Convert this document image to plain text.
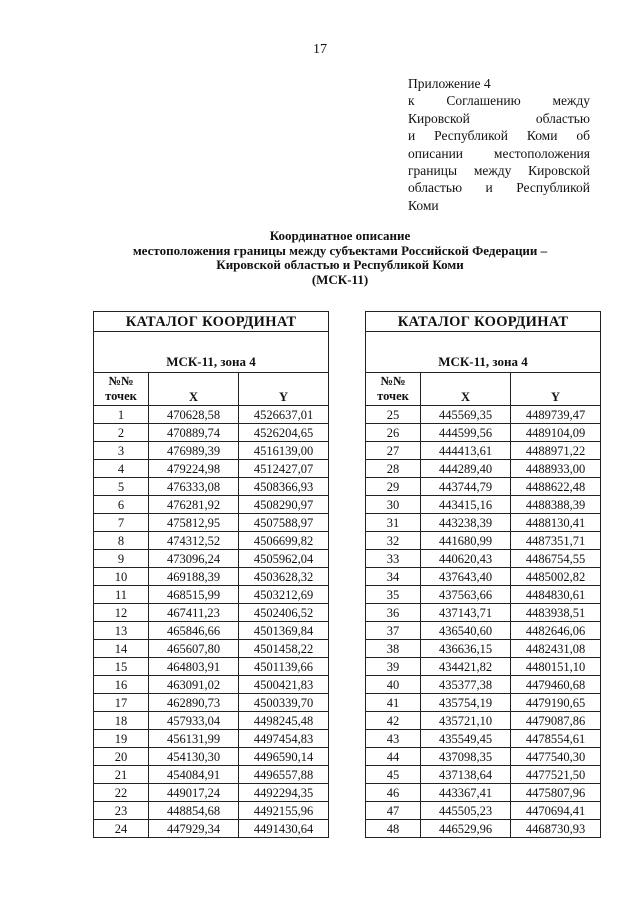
17
Приложение 4
к Соглашению между
Кировской областью
и Республикой Коми об
описании местоположения
границы между Кировской
областью и Республикой
Коми
Координатное описание
местоположения границы между субъектами Российской Федерации –
Кировской областью и Республикой Коми
(МСК-11)
КАТАЛОГ КООРДИНАТ		
МСК-11, зона 4		
№№
точек		
	X	Y
1	470628,58	4526637,01
2	470889,74	4526204,65
3	476989,39	4516139,00
4	479224,98	4512427,07
5	476333,08	4508366,93
6	476281,92	4508290,97
7	475812,95	4507588,97
8	474312,52	4506699,82
9	473096,24	4505962,04
10	469188,39	4503628,32
11	468515,99	4503212,69
12	467411,23	4502406,52
13	465846,66	4501369,84
14	465607,80	4501458,22
15	464803,91	4501139,66
16	463091,02	4500421,83
17	462890,73	4500339,70
18	457933,04	4498245,48
19	456131,99	4497454,83
20	454130,30	4496590,14
21	454084,91	4496557,88
22	449017,24	4492294,35
23	448854,68	4492155,96
24	447929,34	4491430,64
КАТАЛОГ КООРДИНАТ		
МСК-11, зона 4		
№№
точек		
	X	Y
25	445569,35	4489739,47
26	444599,56	4489104,09
27	444413,61	4488971,22
28	444289,40	4488933,00
29	443744,79	4488622,48
30	443415,16	4488388,39
31	443238,39	4488130,41
32	441680,99	4487351,71
33	440620,43	4486754,55
34	437643,40	4485002,82
35	437563,66	4484830,61
36	437143,71	4483938,51
37	436540,60	4482646,06
38	436636,15	4482431,08
39	434421,82	4480151,10
40	435377,38	4479460,68
41	435754,19	4479190,65
42	435721,10	4479087,86
43	435549,45	4478554,61
44	437098,35	4477540,30
45	437138,64	4477521,50
46	443367,41	4475807,96
47	445505,23	4470694,41
48	446529,96	4468730,93
